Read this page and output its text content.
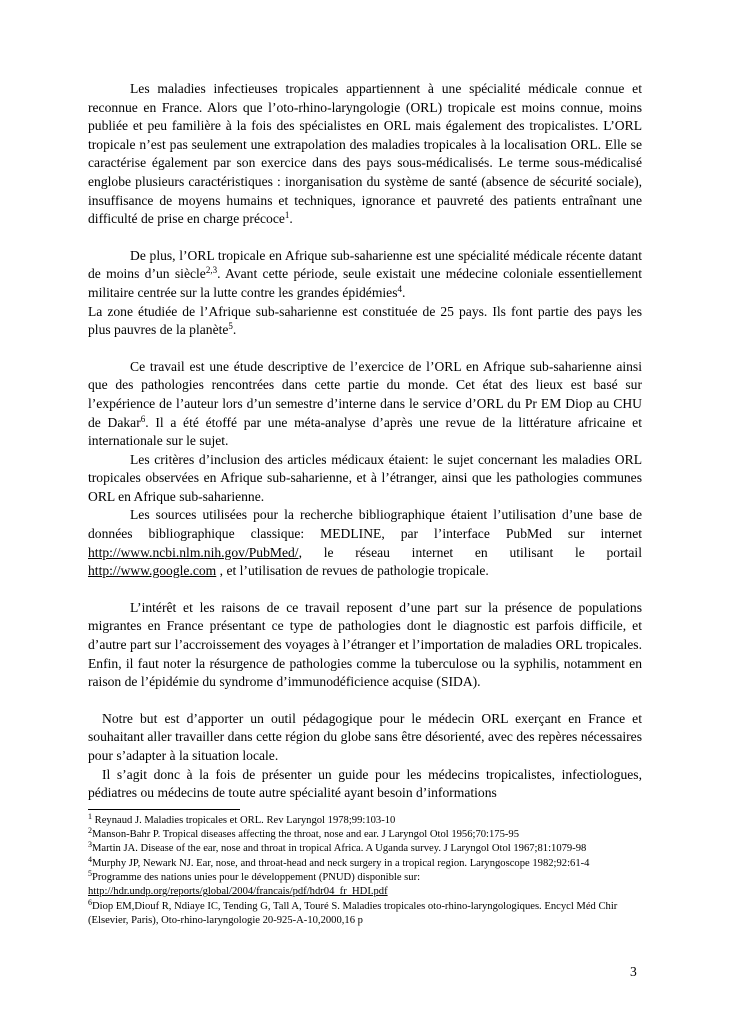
Les maladies infectieuses tropicales appartiennent à une spécialité médicale connue et reconnue en France. Alors que l’oto-rhino-laryngologie (ORL) tropicale est moins connue, moins publiée et peu familière à la fois des spécialistes en ORL mais également des tropicalistes. L’ORL tropicale n’est pas seulement une extrapolation des maladies tropicales à la localisation ORL. Elle se caractérise également par son exercice dans des pays sous-médicalisés. Le terme sous-médicalisé englobe plusieurs caractéristiques : inorganisation du système de santé (absence de sécurité sociale), insuffisance de moyens humains et techniques, ignorance et pauvreté des patients entraînant une difficulté de prise en charge précoce$^1$.

De plus, l’ORL tropicale en Afrique sub-saharienne est une spécialité médicale récente datant de moins d’un siècle$^{2,3}$. Avant cette période, seule existait une médecine coloniale essentiellement militaire centrée sur la lutte contre les grandes épidémies$^4$.

La zone étudiée de l’Afrique sub-saharienne est constituée de 25 pays. Ils font partie des pays les plus pauvres de la planète$^5$.

Ce travail est une étude descriptive de l’exercice de l’ORL en Afrique sub-saharienne ainsi que des pathologies rencontrées dans cette partie du monde. Cet état des lieux est basé sur l’expérience de l’auteur lors d’un semestre d’interne dans le service d’ORL du Pr EM Diop au CHU de Dakar$^6$. Il a été étoffé par une méta-analyse d’après une revue de la littérature africaine et internationale sur le sujet.

Les critères d’inclusion des articles médicaux étaient: le sujet concernant les maladies ORL tropicales observées en Afrique sub-saharienne, et à l’étranger, ainsi que les pathologies communes ORL en Afrique sub-saharienne.

Les sources utilisées pour la recherche bibliographique étaient l’utilisation d’une base de données bibliographique classique: MEDLINE, par l’interface PubMed sur internet http://www.ncbi.nlm.nih.gov/PubMed/, le réseau internet en utilisant le portail http://www.google.com , et l’utilisation de revues de pathologie tropicale.

L’intérêt et les raisons de ce travail reposent d’une part sur la présence de populations migrantes en France présentant ce type de pathologies dont le diagnostic est parfois difficile, et d’autre part sur l’accroissement des voyages à l’étranger et l’importation de maladies ORL tropicales. Enfin, il faut noter la résurgence de pathologies comme la tuberculose ou la syphilis, notamment en raison de l’épidémie du syndrome d’immunodéficience acquise (SIDA).

Notre but est d’apporter un outil pédagogique pour le médecin ORL exerçant en France et souhaitant aller travailler dans cette région du globe sans être désorienté, avec des repères nécessaires pour s’adapter à la situation locale.

Il s’agit donc à la fois de présenter un guide pour les médecins tropicalistes, infectiologues, pédiatres ou médecins de toute autre spécialité ayant besoin d’informations

$^1$ Reynaud J. Maladies tropicales et ORL. Rev Laryngol 1978;99:103-10

$^2$Manson-Bahr P. Tropical diseases affecting the throat, nose and ear. J Laryngol Otol 1956;70:175-95

$^3$Martin JA. Disease of the ear, nose and throat in tropical Africa. A Uganda survey. J Laryngol Otol 1967;81:1079-98

$^4$Murphy JP, Newark NJ. Ear, nose, and throat-head and neck surgery in a tropical region. Laryngoscope 1982;92:61-4

$^5$Programme des nations unies pour le développement (PNUD) disponible sur:
http://hdr.undp.org/reports/global/2004/francais/pdf/hdr04_fr_HDI.pdf

$^6$Diop EM,Diouf R, Ndiaye IC, Tending G, Tall A, Touré S. Maladies tropicales oto-rhino-laryngologiques. Encycl Méd Chir (Elsevier, Paris), Oto-rhino-laryngologie 20-925-A-10,2000,16 p

3
